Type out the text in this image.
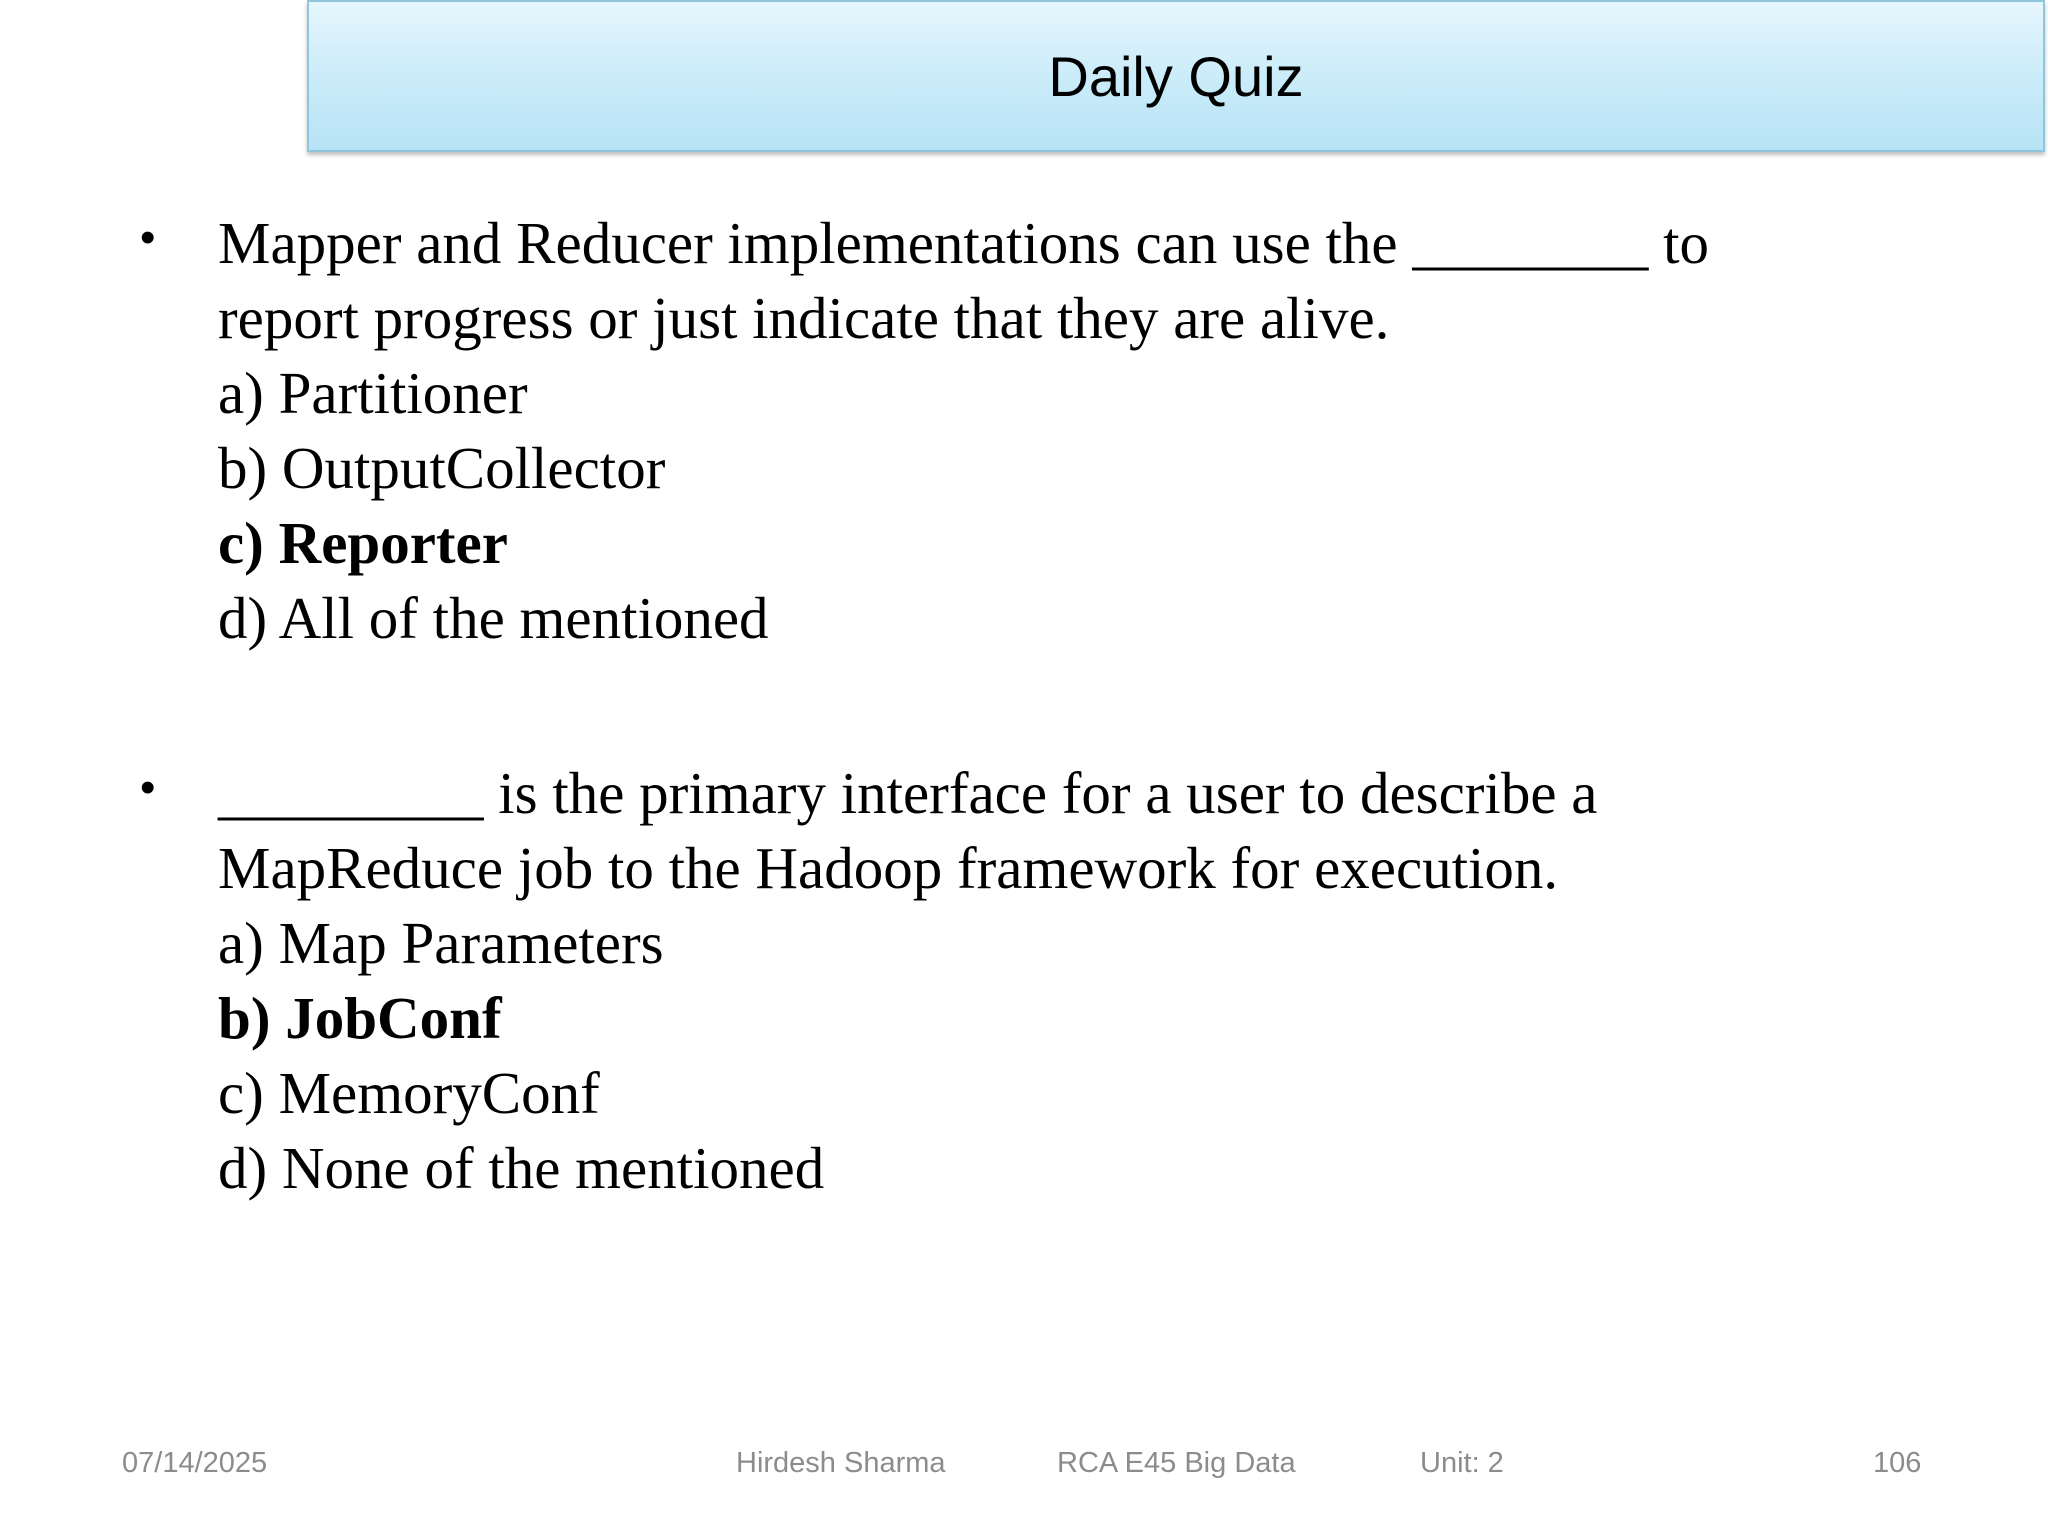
Daily Quiz
• Mapper and Reducer implementations can use the ________ to
report progress or just indicate that they are alive.
a) Partitioner
b) OutputCollector
c) Reporter
d) All of the mentioned
• _________ is the primary interface for a user to describe a
MapReduce job to the Hadoop framework for execution.
a) Map Parameters
b) JobConf
c) MemoryConf
d) None of the mentioned
07/14/2025	Hirdesh Sharma	RCA E45 Big Data	Unit: 2	106
